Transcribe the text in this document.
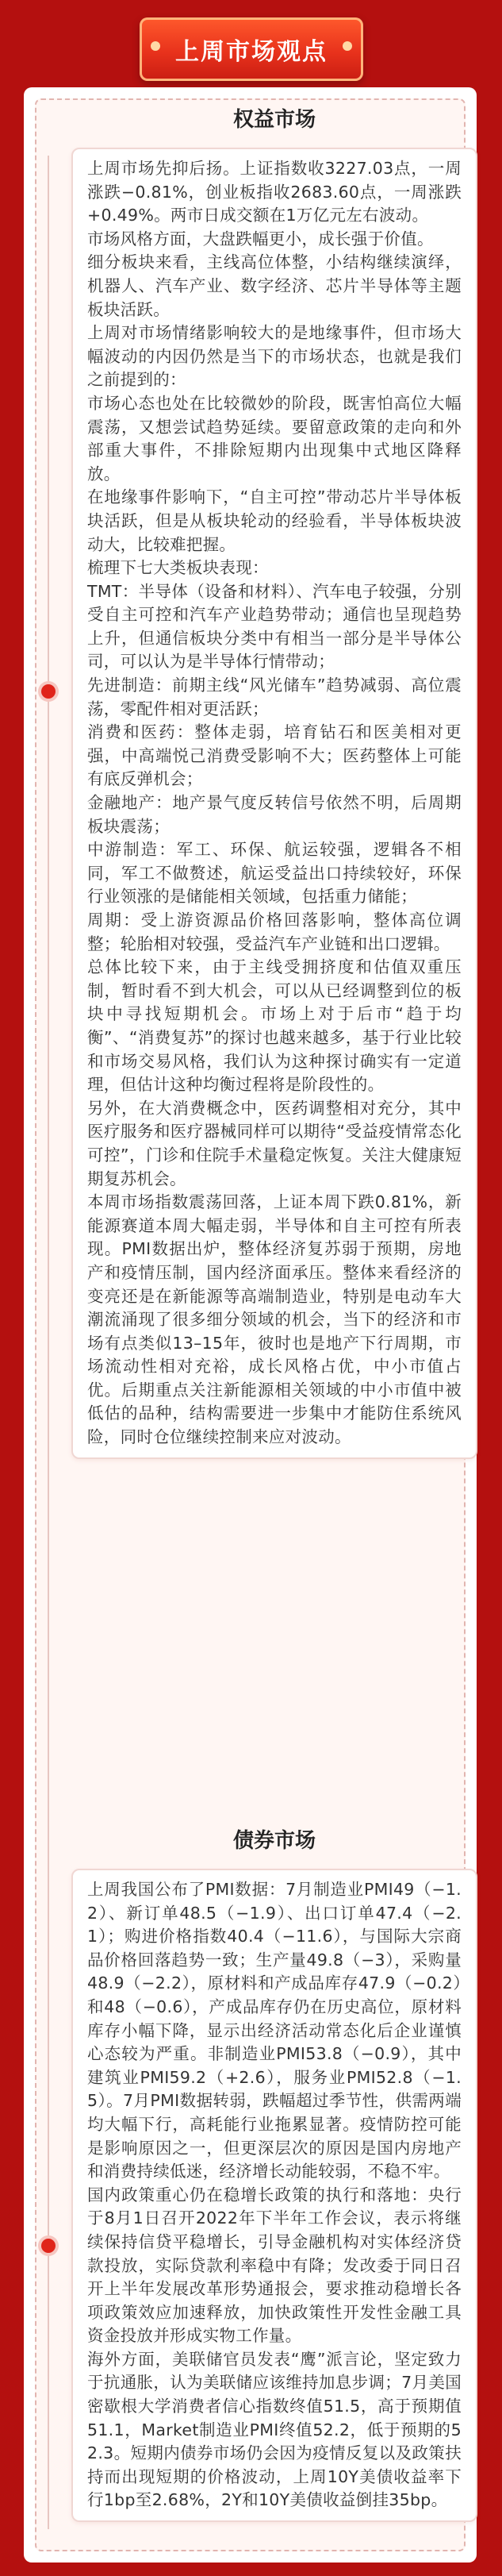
上周市场观点
权益市场

上周市场先抑后扬。上证指数收3227.03点，一周涨跌−0.81%，创业板指收2683.60点，一周涨跌+0.49%。两市日成交额在1万亿元左右波动。

市场风格方面，大盘跌幅更小，成长强于价值。

细分板块来看，主线高位体整，小结构继续演绎，机器人、汽车产业、数字经济、芯片半导体等主题板块活跃。

上周对市场情绪影响较大的是地缘事件，但市场大幅波动的内因仍然是当下的市场状态，也就是我们之前提到的：

市场心态也处在比较微妙的阶段，既害怕高位大幅震荡，又想尝试趋势延续。要留意政策的走向和外部重大事件，不排除短期内出现集中式地区降释放。

在地缘事件影响下，“自主可控”带动芯片半导体板块活跃，但是从板块轮动的经验看，半导体板块波动大，比较难把握。

梳理下七大类板块表现：

TMT：半导体（设备和材料）、汽车电子较强，分别受自主可控和汽车产业趋势带动；通信也呈现趋势上升，但通信板块分类中有相当一部分是半导体公司，可以认为是半导体行情带动；

先进制造：前期主线“风光储车”趋势减弱、高位震荡，零配件相对更活跃；

消费和医药：整体走弱，培育钻石和医美相对更强，中高端悦己消费受影响不大；医药整体上可能有底反弹机会；

金融地产：地产景气度反转信号依然不明，后周期板块震荡；

中游制造：军工、环保、航运较强，逻辑各不相同，军工不做赘述，航运受益出口持续较好，环保行业领涨的是储能相关领域，包括重力储能；

周期：受上游资源品价格回落影响，整体高位调整；轮胎相对较强，受益汽车产业链和出口逻辑。

总体比较下来，由于主线受拥挤度和估值双重压制，暂时看不到大机会，可以从已经调整到位的板块中寻找短期机会。市场上对于后市“趋于均衡”、“消费复苏”的探讨也越来越多，基于行业比较和市场交易风格，我们认为这种探讨确实有一定道理，但估计这种均衡过程将是阶段性的。

另外，在大消费概念中，医药调整相对充分，其中医疗服务和医疗器械同样可以期待“受益疫情常态化可控”，门诊和住院手术量稳定恢复。关注大健康短期复苏机会。

本周市场指数震荡回落，上证本周下跌0.81%，新能源赛道本周大幅走弱，半导体和自主可控有所表现。PMI数据出炉，整体经济复苏弱于预期，房地产和疫情压制，国内经济面承压。整体来看经济的变亮还是在新能源等高端制造业，特别是电动车大潮流涌现了很多细分领域的机会，当下的经济和市场有点类似13–15年，彼时也是地产下行周期，市场流动性相对充裕，成长风格占优，中小市值占优。后期重点关注新能源相关领域的中小市值中被低估的品种，结构需要进一步集中才能防住系统风险，同时仓位继续控制来应对波动。

债券市场

上周我国公布了PMI数据：7月制造业PMI49（−1.2）、新订单48.5（−1.9）、出口订单47.4（−2.1）；购进价格指数40.4（−11.6），与国际大宗商品价格回落趋势一致；生产量49.8（−3），采购量48.9（−2.2），原材料和产成品库存47.9（−0.2）和48（−0.6），产成品库存仍在历史高位，原材料库存小幅下降，显示出经济活动常态化后企业谨慎心态较为严重。非制造业PMI53.8（−0.9），其中建筑业PMI59.2（+2.6），服务业PMI52.8（−1.5）。7月PMI数据转弱，跌幅超过季节性，供需两端均大幅下行，高耗能行业拖累显著。疫情防控可能是影响原因之一，但更深层次的原因是国内房地产和消费持续低迷，经济增长动能较弱，不稳不牢。

国内政策重心仍在稳增长政策的执行和落地：央行于8月1日召开2022年下半年工作会议，表示将继续保持信贷平稳增长，引导金融机构对实体经济贷款投放，实际贷款利率稳中有降；发改委于同日召开上半年发展改革形势通报会，要求推动稳增长各项政策效应加速释放，加快政策性开发性金融工具资金投放并形成实物工作量。

海外方面，美联储官员发表“鹰”派言论，坚定致力于抗通胀，认为美联储应该维持加息步调；7月美国密歇根大学消费者信心指数终值51.5，高于预期值51.1，Market制造业PMI终值52.2，低于预期的52.3。短期内债券市场仍会因为疫情反复以及政策扶持而出现短期的价格波动，上周10Y美债收益率下行1bp至2.68%，2Y和10Y美债收益倒挂35bp。
